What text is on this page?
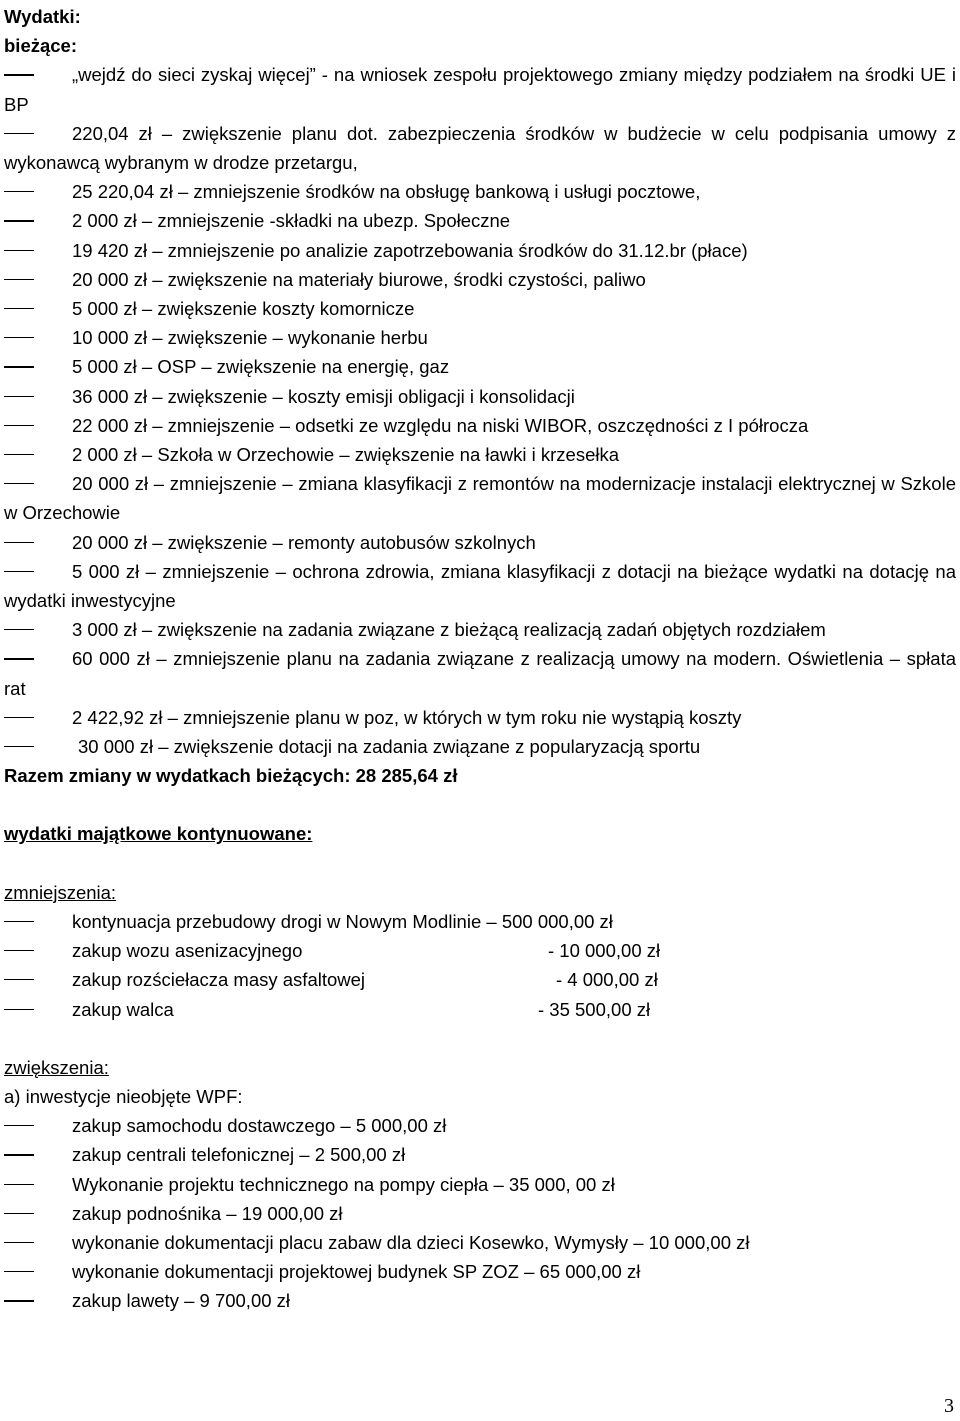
Wydatki:
bieżące:
„wejdź do sieci zyskaj więcej” - na wniosek zespołu projektowego zmiany między podziałem na środki UE i BP
220,04 zł – zwiększenie planu dot. zabezpieczenia środków w budżecie w celu podpisania umowy z wykonawcą wybranym w drodze przetargu,
25 220,04 zł – zmniejszenie środków na obsługę bankową i usługi pocztowe,
2 000 zł – zmniejszenie -składki na ubezp. Społeczne
19 420 zł – zmniejszenie po analizie zapotrzebowania środków do 31.12.br (płace)
20 000 zł – zwiększenie na materiały biurowe, środki czystości, paliwo
5 000 zł – zwiększenie koszty komornicze
10 000 zł – zwiększenie – wykonanie herbu
5 000 zł – OSP – zwiększenie na energię, gaz
36 000 zł – zwiększenie – koszty emisji obligacji i konsolidacji
22 000 zł – zmniejszenie – odsetki ze względu na niski WIBOR, oszczędności z I półrocza
2 000 zł – Szkoła w Orzechowie – zwiększenie na ławki i krzesełka
20 000 zł – zmniejszenie – zmiana klasyfikacji z remontów na modernizacje instalacji elektrycznej w Szkole w Orzechowie
20 000 zł – zwiększenie – remonty autobusów szkolnych
5 000 zł – zmniejszenie – ochrona zdrowia, zmiana klasyfikacji z dotacji na bieżące wydatki na dotację na wydatki inwestycyjne
3 000 zł – zwiększenie na zadania związane z bieżącą realizacją zadań objętych rozdziałem
60 000 zł – zmniejszenie planu na zadania związane z realizacją umowy na modern. Oświetlenia – spłata rat
2 422,92 zł – zmniejszenie planu w poz, w których w tym roku nie wystąpią koszty
30 000 zł – zwiększenie dotacji na zadania związane z popularyzacją sportu
Razem zmiany w wydatkach bieżących: 28 285,64 zł
wydatki majątkowe kontynuowane:
zmniejszenia:
kontynuacja przebudowy drogi w Nowym Modlinie – 500 000,00 zł
zakup wozu asenizacyjnego	- 10 000,00 zł
zakup rozściełacza masy asfaltowej	- 4 000,00 zł
zakup walca	- 35 500,00 zł
zwiększenia:
a) inwestycje nieobjęte WPF:
zakup samochodu dostawczego – 5 000,00 zł
zakup centrali telefonicznej – 2 500,00 zł
Wykonanie projektu technicznego na pompy ciepła – 35 000, 00 zł
zakup podnośnika – 19 000,00 zł
wykonanie dokumentacji placu zabaw dla dzieci Kosewko, Wymysły – 10 000,00 zł
wykonanie dokumentacji projektowej budynek SP ZOZ – 65 000,00 zł
zakup lawety – 9 700,00 zł
3
